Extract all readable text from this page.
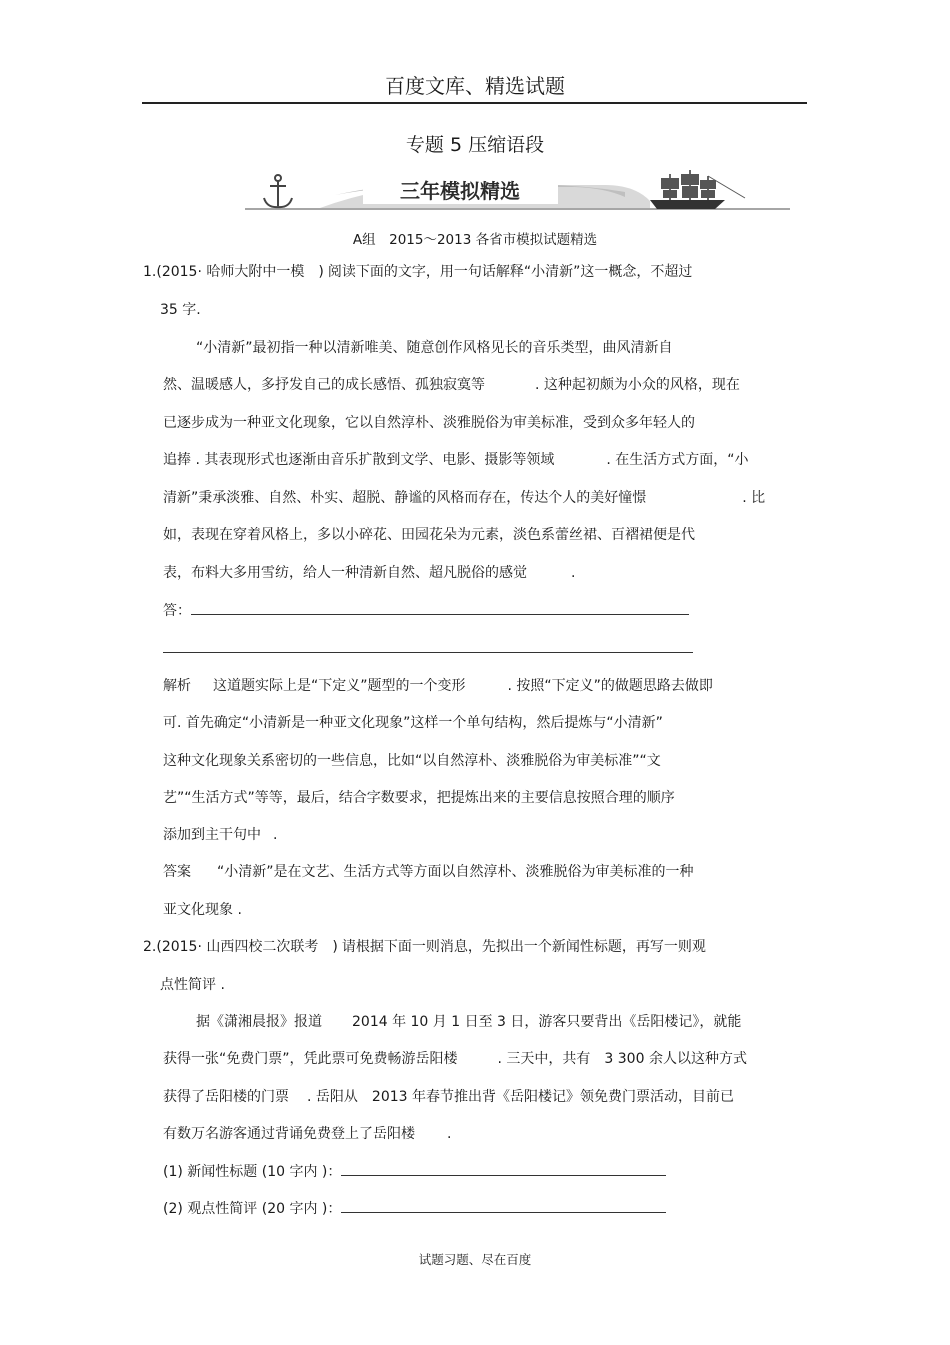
百度文库、精选试题
专题 5 压缩语段
三年模拟精选
A组　2015～2013 各省市模拟试题精选
1.(2015· 哈师大附中一模 ) 阅读下面的文字，用一句话解释“小清新”这一概念，不超过
35 字.
“小清新”最初指一种以清新唯美、随意创作风格见长的音乐类型，曲风清新自
然、温暖感人，多抒发自己的成长感悟、孤独寂寞等	. 这种起初颇为小众的风格，现在
已逐步成为一种亚文化现象，它以自然淳朴、淡雅脱俗为审美标准，受到众多年轻人的
追捧 . 其表现形式也逐渐由音乐扩散到文学、电影、摄影等领域	. 在生活方式方面，“小
清新”秉承淡雅、自然、朴实、超脱、静谧的风格而存在，传达个人的美好憧憬	. 比
如，表现在穿着风格上，多以小碎花、田园花朵为元素，淡色系蕾丝裙、百褶裙便是代
表，布料大多用雪纺，给人一种清新自然、超凡脱俗的感觉	.
答：
解析 这道题实际上是“下定义”题型的一个变形	. 按照“下定义”的做题思路去做即
可. 首先确定“小清新是一种亚文化现象”这样一个单句结构，然后提炼与“小清新”
这种文化现象关系密切的一些信息，比如“以自然淳朴、淡雅脱俗为审美标准”“文
艺”“生活方式”等等，最后，结合字数要求，把提炼出来的主要信息按照合理的顺序
添加到主干句中 .
答案 “小清新”是在文艺、生活方式等方面以自然淳朴、淡雅脱俗为审美标准的一种
亚文化现象 .
2.(2015· 山西四校二次联考 ) 请根据下面一则消息，先拟出一个新闻性标题，再写一则观
点性简评 .
据《潇湘晨报》报道 2014 年 10 月 1 日至 3 日，游客只要背出《岳阳楼记》，就能
获得一张“免费门票”，凭此票可免费畅游岳阳楼	. 三天中，共有 3 300 余人以这种方式
获得了岳阳楼的门票 . 岳阳从 2013 年春节推出背《岳阳楼记》领免费门票活动，目前已
有数万名游客通过背诵免费登上了岳阳楼 .
(1) 新闻性标题 (10 字内 )：
(2) 观点性简评 (20 字内 )：
试题习题、尽在百度
